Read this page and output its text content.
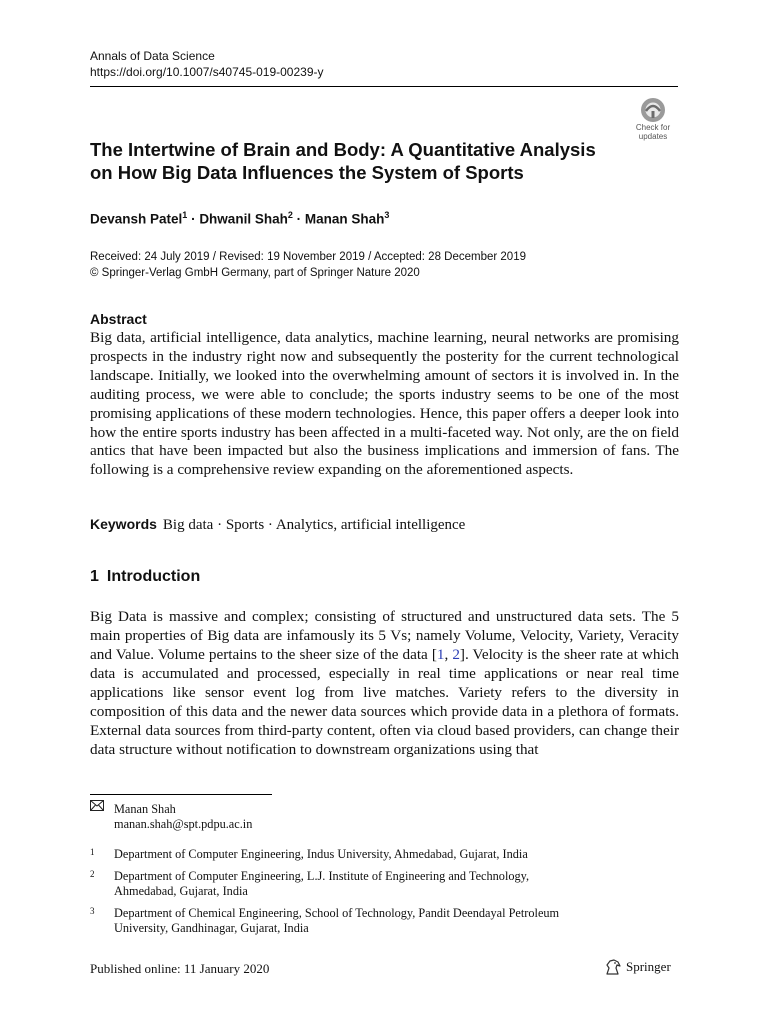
Annals of Data Science
https://doi.org/10.1007/s40745-019-00239-y
Check for
updates
The Intertwine of Brain and Body: A Quantitative Analysis
on How Big Data Influences the System of Sports
Devansh Patel$^1$ · Dhwanil Shah$^2$ · Manan Shah$^3$
Received: 24 July 2019 / Revised: 19 November 2019 / Accepted: 28 December 2019
© Springer-Verlag GmbH Germany, part of Springer Nature 2020
Abstract

Big data, artificial intelligence, data analytics, machine learning, neural networks are promising prospects in the industry right now and subsequently the posterity for the current technological landscape. Initially, we looked into the overwhelming amount of sectors it is involved in. In the auditing process, we were able to conclude; the sports industry seems to be one of the most promising applications of these modern technologies. Hence, this paper offers a deeper look into how the entire sports industry has been affected in a multi-faceted way. Not only, are the on field antics that have been impacted but also the business implications and immersion of fans. The following is a comprehensive review expanding on the aforementioned aspects.

Keywords Big data · Sports · Analytics, artificial intelligence
1 Introduction

Big Data is massive and complex; consisting of structured and unstructured data sets. The 5 main properties of Big data are infamously its 5 Vs; namely Volume, Velocity, Variety, Veracity and Value. Volume pertains to the sheer size of the data [1, 2]. Velocity is the sheer rate at which data is accumulated and processed, especially in real time applications or near real time applications like sensor event log from live matches. Variety refers to the diversity in composition of this data and the newer data sources which provide data in a plethora of formats. External data sources from third-party content, often via cloud based providers, can change their data structure without notification to downstream organizations using that

Manan Shah
manan.shah@spt.pdpu.ac.in
1 Department of Computer Engineering, Indus University, Ahmedabad, Gujarat, India
2 Department of Computer Engineering, L.J. Institute of Engineering and Technology,
Ahmedabad, Gujarat, India
3 Department of Chemical Engineering, School of Technology, Pandit Deendayal Petroleum
University, Gandhinagar, Gujarat, India
Published online: 11 January 2020	Springer
